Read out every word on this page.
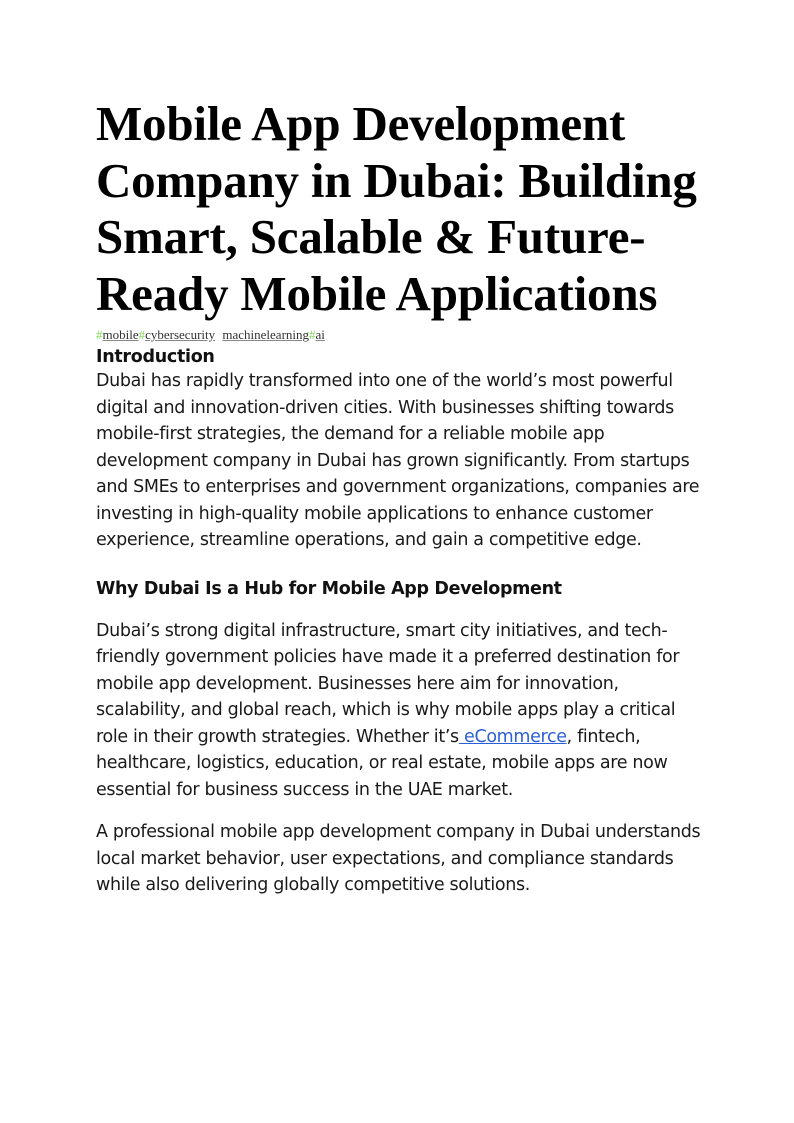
Mobile App Development Company in Dubai: Building Smart, Scalable & Future-Ready Mobile Applications
#mobile#cybersecurity machinelearning#ai
Introduction

Dubai has rapidly transformed into one of the world’s most powerful digital and innovation-driven cities. With businesses shifting towards mobile-first strategies, the demand for a reliable mobile app development company in Dubai has grown significantly. From startups and SMEs to enterprises and government organizations, companies are investing in high-quality mobile applications to enhance customer experience, streamline operations, and gain a competitive edge.

Why Dubai Is a Hub for Mobile App Development

Dubai’s strong digital infrastructure, smart city initiatives, and tech-friendly government policies have made it a preferred destination for mobile app development. Businesses here aim for innovation, scalability, and global reach, which is why mobile apps play a critical role in their growth strategies. Whether it’s eCommerce, fintech, healthcare, logistics, education, or real estate, mobile apps are now essential for business success in the UAE market.

A professional mobile app development company in Dubai understands local market behavior, user expectations, and compliance standards while also delivering globally competitive solutions.
